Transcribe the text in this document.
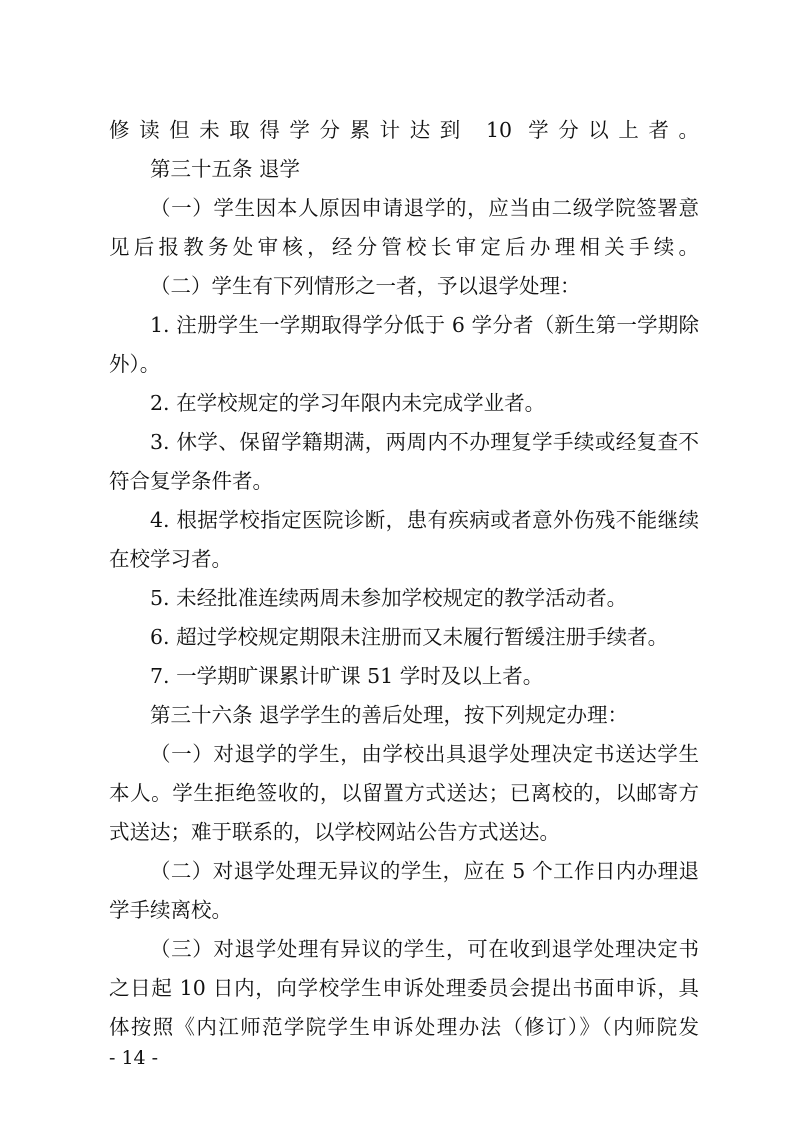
修读但未取得学分累计达到 10 学分以上者。
第三十五条 退学
（一）学生因本人原因申请退学的，应当由二级学院签署意
见后报教务处审核，经分管校长审定后办理相关手续。
（二）学生有下列情形之一者，予以退学处理：
1. 注册学生一学期取得学分低于 6 学分者（新生第一学期除
外）。
2. 在学校规定的学习年限内未完成学业者。
3. 休学、保留学籍期满，两周内不办理复学手续或经复查不
符合复学条件者。
4. 根据学校指定医院诊断，患有疾病或者意外伤残不能继续
在校学习者。
5. 未经批准连续两周未参加学校规定的教学活动者。
6. 超过学校规定期限未注册而又未履行暂缓注册手续者。
7. 一学期旷课累计旷课 51 学时及以上者。
第三十六条 退学学生的善后处理，按下列规定办理：
（一）对退学的学生，由学校出具退学处理决定书送达学生
本人。学生拒绝签收的，以留置方式送达；已离校的，以邮寄方
式送达；难于联系的，以学校网站公告方式送达。
（二）对退学处理无异议的学生，应在 5 个工作日内办理退
学手续离校。
（三）对退学处理有异议的学生，可在收到退学处理决定书
之日起 10 日内，向学校学生申诉处理委员会提出书面申诉，具
体按照《内江师范学院学生申诉处理办法（修订）》（内师院发
- 14 -
